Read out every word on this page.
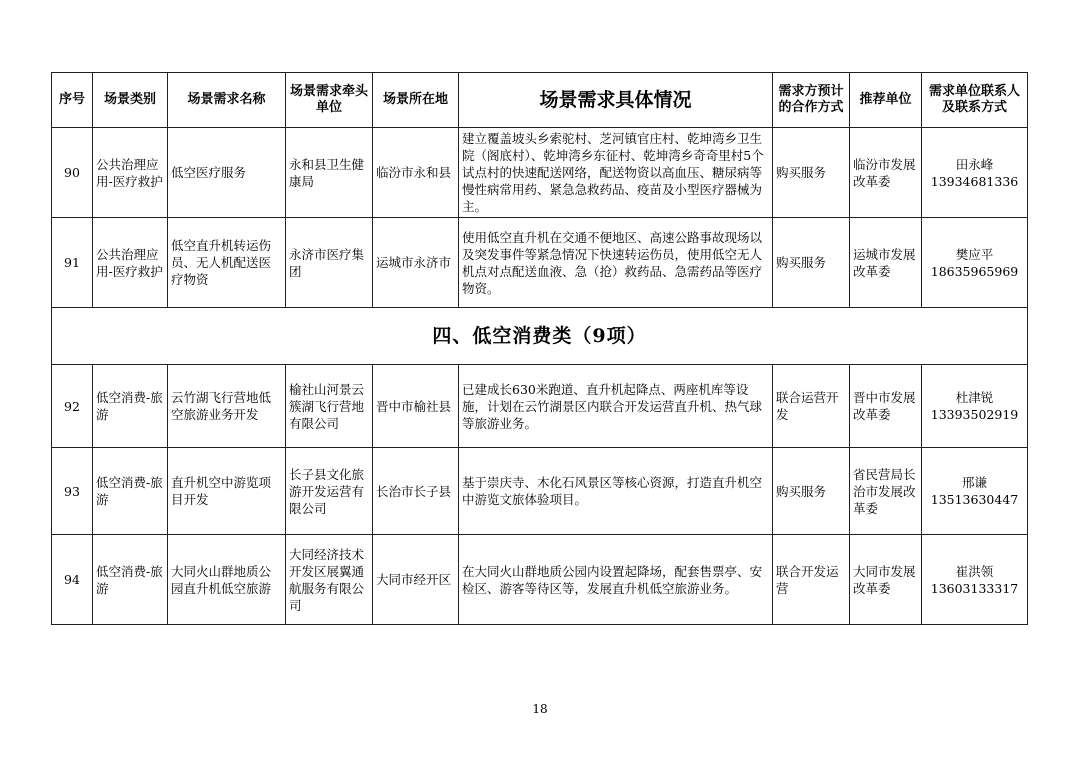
序号	场景类别	场景需求名称	场景需求牵头单位	场景所在地	场景需求具体情况	需求方预计的合作方式	推荐单位	需求单位联系人及联系方式
90	公共治理应用-医疗救护	低空医疗服务	永和县卫生健康局	临汾市永和县	建立覆盖坡头乡索驼村、芝河镇官庄村、乾坤湾乡卫生院（阁底村）、乾坤湾乡东征村、乾坤湾乡奇奇里村5个试点村的快速配送网络，配送物资以高血压、糖尿病等慢性病常用药、紧急急救药品、疫苗及小型医疗器械为主。	购买服务	临汾市发展改革委	田永峰
13934681336

91	公共治理应用-医疗救护	低空直升机转运伤员、无人机配送医疗物资	永济市医疗集团	运城市永济市	使用低空直升机在交通不便地区、高速公路事故现场以及突发事件等紧急情况下快速转运伤员，使用低空无人机点对点配送血液、急（抢）救药品、急需药品等医疗物资。	购买服务	运城市发展改革委	樊应平
18635965969

四、低空消费类（9项）								
92	低空消费-旅游	云竹湖飞行营地低空旅游业务开发	榆社山河景云簇湖飞行营地有限公司	晋中市榆社县	已建成长630米跑道、直升机起降点、两座机库等设施，计划在云竹湖景区内联合开发运营直升机、热气球等旅游业务。	联合运营开发	晋中市发展改革委	杜津锐
13393502919

93	低空消费-旅游	直升机空中游览项目开发	长子县文化旅游开发运营有限公司	长治市长子县	基于崇庆寺、木化石风景区等核心资源，打造直升机空中游览文旅体验项目。	购买服务	省民营局长治市发展改革委	邢谦
13513630447

94	低空消费-旅游	大同火山群地质公园直升机低空旅游	大同经济技术开发区展翼通航服务有限公司	大同市经开区	在大同火山群地质公园内设置起降场，配套售票亭、安检区、游客等待区等，发展直升机低空旅游业务。	联合开发运营	大同市发展改革委	崔洪领
13603133317
18
